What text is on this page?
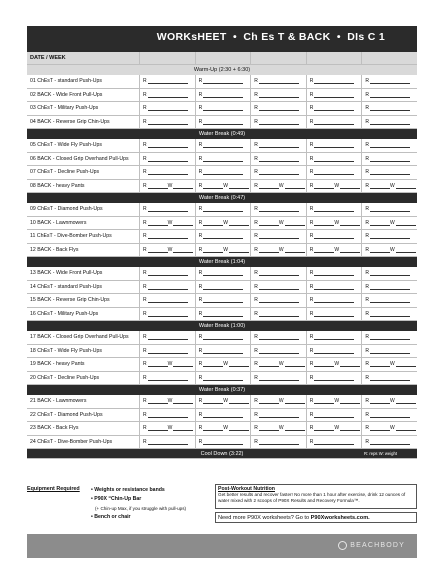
WORKsHEET  •  Ch Es T & BACK  •  DIs C 1
DATE / WEEK
Warm-Up (2:30 + 6:30)
01 ChEsT - standard Push-Ups	R	R	R	R	R
02 BACK - Wide Front Pull-Ups	R	R	R	R	R
03 ChEsT - Military Push-Ups	R	R	R	R	R
04 BACK - Reverse Grip Chin-Ups	R	R	R	R	R
Water Break (0:49)
05 ChEsT - Wide Fly Push-Ups	R	R	R	R	R
06 BACK - Closed Grip Overhand Pull-Ups	R	R	R	R	R
07 ChEsT - Decline Push-Ups	R	R	R	R	R
08 BACK - heavy Pants	R	W	R	W	R	W	R	W	R	W
Water Break (0:47)
09 ChEsT - Diamond Push-Ups	R	R	R	R	R
10 BACK - Lawnmowers	R	W	R	W	R	W	R	W	R	W
11 ChEsT - Dive-Bomber Push-Ups	R	R	R	R	R
12 BACK - Back Flys	R	W	R	W	R	W	R	W	R	W
Water Break (1:04)
13 BACK - Wide Front Pull-Ups	R	R	R	R	R
14 ChEsT - standard Push-Ups	R	R	R	R	R
15 BACK - Reverse Grip Chin-Ups	R	R	R	R	R
16 ChEsT - Military Push-Ups	R	R	R	R	R
Water Break (1:00)
17 BACK - Closed Grip Overhand Pull-Ups	R	R	R	R	R
18 ChEsT - Wide Fly Push-Ups	R	R	R	R	R
19 BACK - heavy Pants	R	W	R	W	R	W	R	W	R	W
20 ChEsT - Decline Push-Ups	R	R	R	R	R
Water Break (0:37)
21 BACK - Lawnmowers	R	W	R	W	R	W	R	W	R	W
22 ChEsT - Diamond Push-Ups	R	R	R	R	R
23 BACK - Back Flys	R	W	R	W	R	W	R	W	R	W
24 ChEsT - Dive-Bomber Push-Ups	R	R	R	R	R
Cool Down (3:22)	R: reps W: weight
Equipment Required • Weights or resistance bands
• P90X “Chin-Up Bar
(+ Chin-up Max, if you struggle with pull-ups)
• Bench or chair
Post-Workout Nutrition
Get better results and recover faster! No more than 1 hour after exercise, drink 12 ounces of water mixed with 2 scoops of P90X Results and Recovery Formula™.
Need more P90X worksheets? Go to P90Xworksheets.com.
BEACHBODY
